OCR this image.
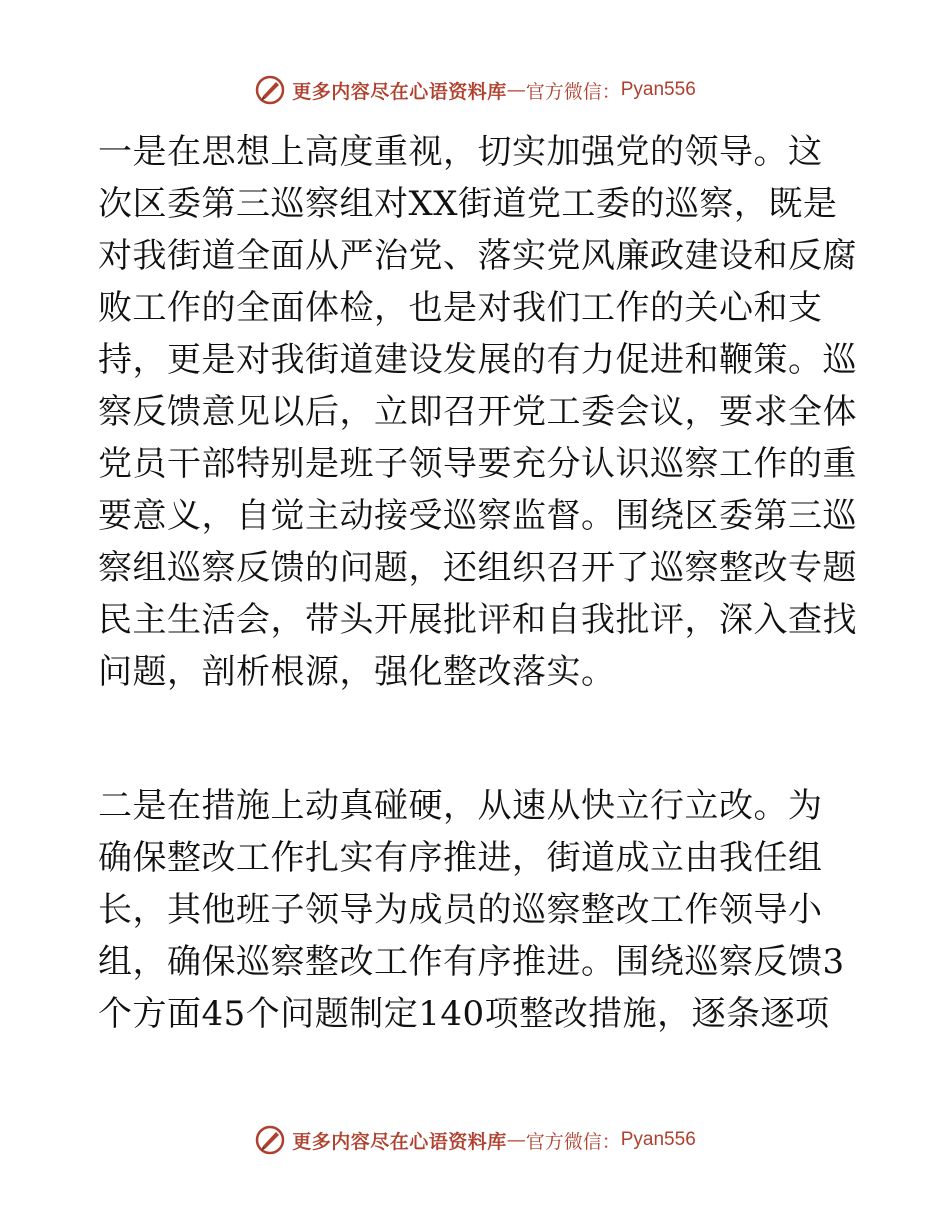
更多内容尽在心语资料库 — 官方微信： Pyan556
一是在思想上高度重视，切实加强党的领导。这
次区委第三巡察组对XX街道党工委的巡察，既是
对我街道全面从严治党、落实党风廉政建设和反腐
败工作的全面体检，也是对我们工作的关心和支
持，更是对我街道建设发展的有力促进和鞭策。巡
察反馈意见以后，立即召开党工委会议，要求全体
党员干部特别是班子领导要充分认识巡察工作的重
要意义，自觉主动接受巡察监督。围绕区委第三巡
察组巡察反馈的问题，还组织召开了巡察整改专题
民主生活会，带头开展批评和自我批评，深入查找
问题，剖析根源，强化整改落实。
二是在措施上动真碰硬，从速从快立行立改。为
确保整改工作扎实有序推进，街道成立由我任组
长，其他班子领导为成员的巡察整改工作领导小
组，确保巡察整改工作有序推进。围绕巡察反馈3
个方面45个问题制定140项整改措施，逐条逐项
更多内容尽在心语资料库 — 官方微信： Pyan556
